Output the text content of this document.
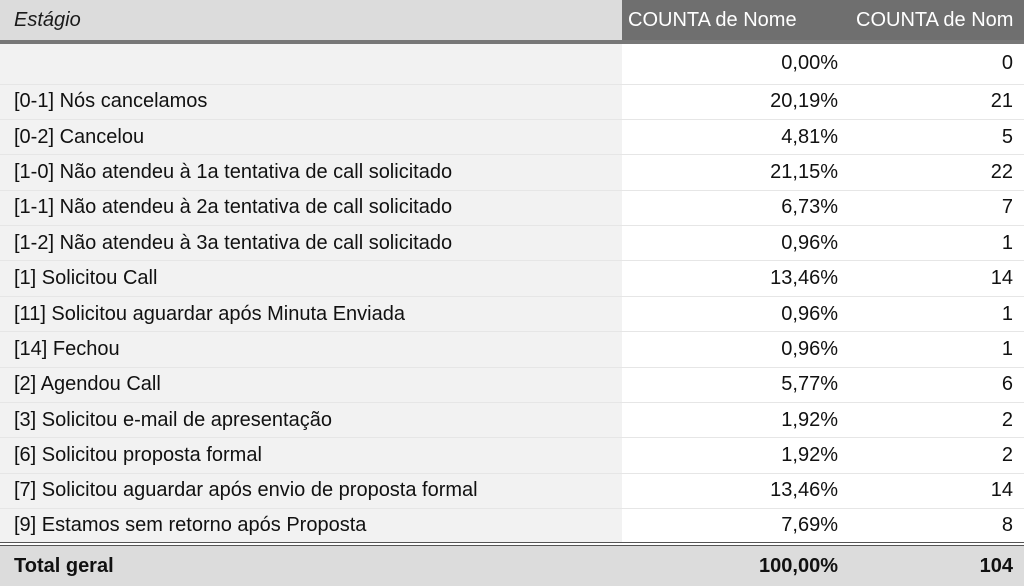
Estágio	COUNTA de Nome	COUNTA de Nom
	0,00%	0
[0-1] Nós cancelamos	20,19%	21
[0-2] Cancelou	4,81%	5
[1-0] Não atendeu à 1a tentativa de call solicitado	21,15%	22
[1-1] Não atendeu à 2a tentativa de call solicitado	6,73%	7
[1-2] Não atendeu à 3a tentativa de call solicitado	0,96%	1
[1] Solicitou Call	13,46%	14
[11] Solicitou aguardar após Minuta Enviada	0,96%	1
[14] Fechou	0,96%	1
[2] Agendou Call	5,77%	6
[3] Solicitou e-mail de apresentação	1,92%	2
[6] Solicitou proposta formal	1,92%	2
[7] Solicitou aguardar após envio de proposta formal	13,46%	14
[9] Estamos sem retorno após Proposta	7,69%	8
Total geral	100,00%	104
